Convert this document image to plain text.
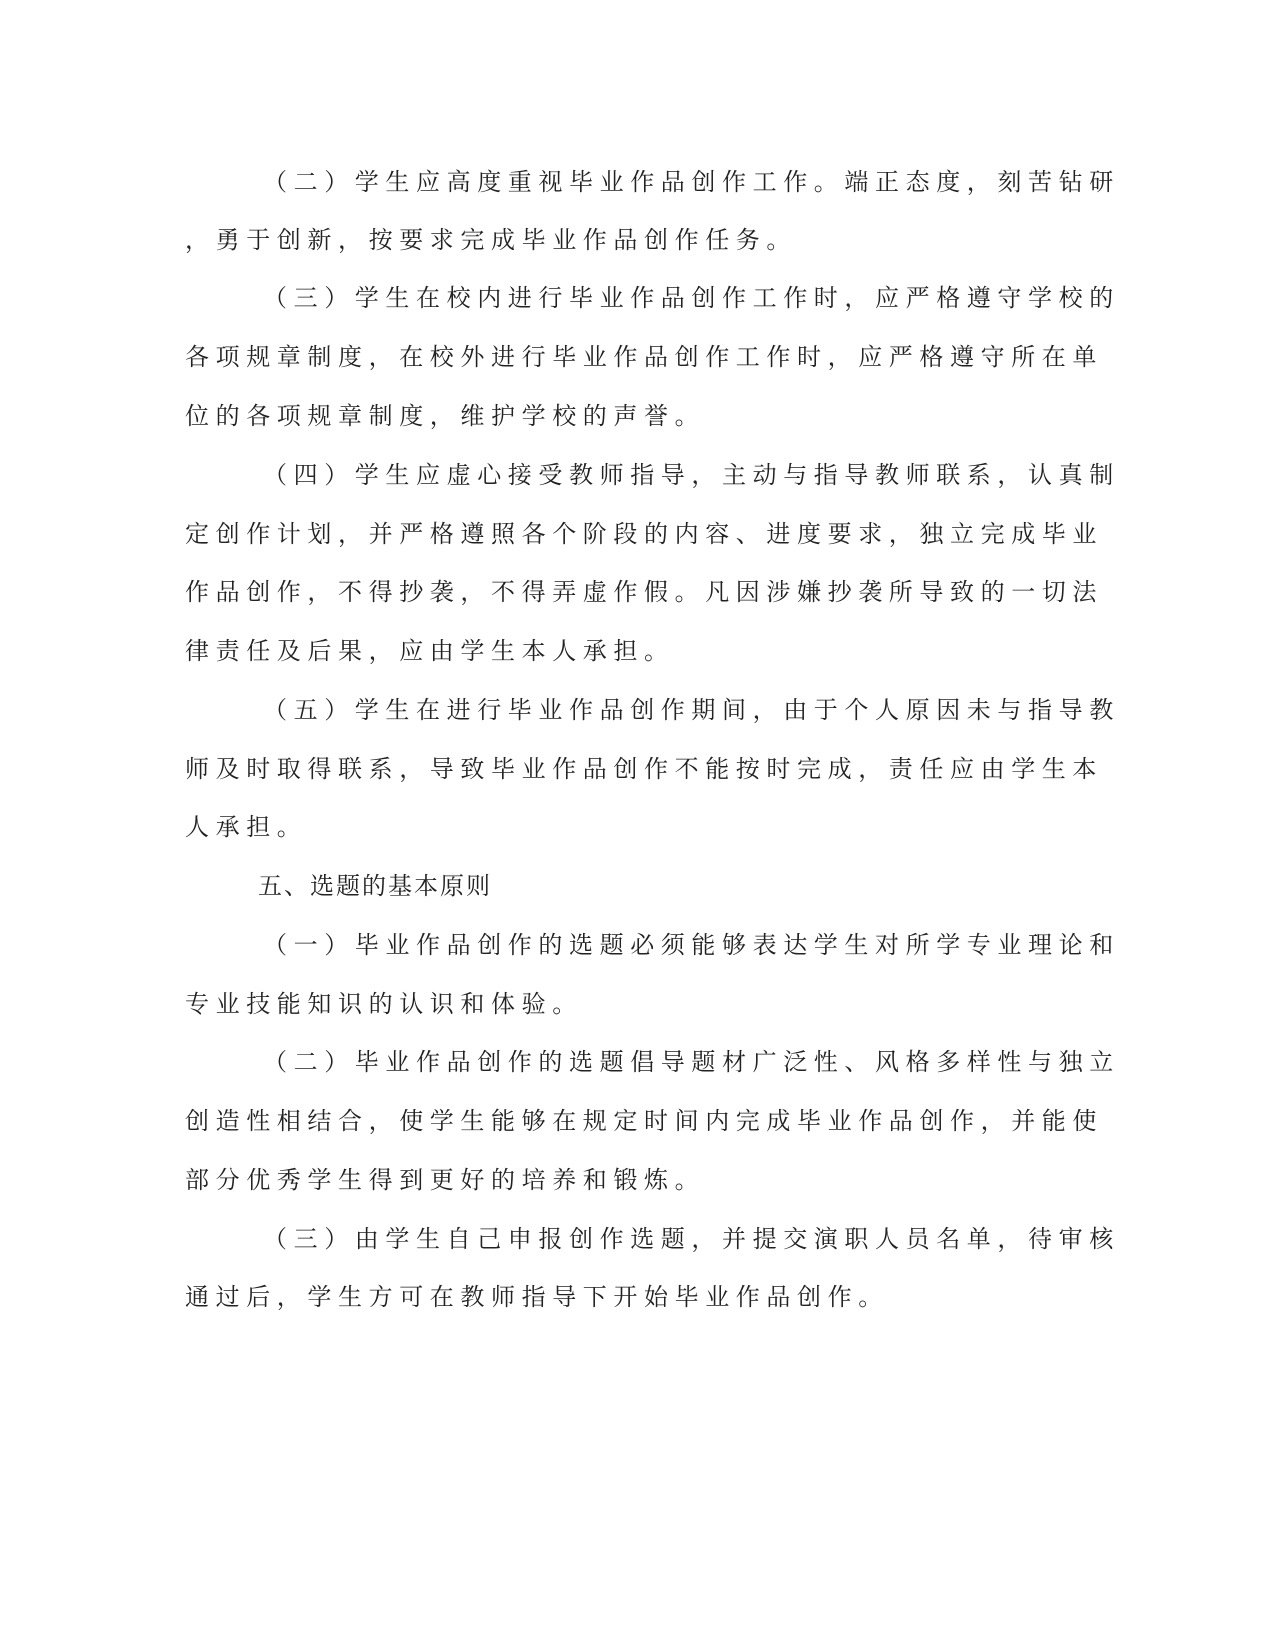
（二）学生应高度重视毕业作品创作工作。端正态度，刻苦钻研
，勇于创新，按要求完成毕业作品创作任务。
（三）学生在校内进行毕业作品创作工作时，应严格遵守学校的
各项规章制度，在校外进行毕业作品创作工作时，应严格遵守所在单
位的各项规章制度，维护学校的声誉。
（四）学生应虚心接受教师指导，主动与指导教师联系，认真制
定创作计划，并严格遵照各个阶段的内容、进度要求，独立完成毕业
作品创作，不得抄袭，不得弄虚作假。凡因涉嫌抄袭所导致的一切法
律责任及后果，应由学生本人承担。
（五）学生在进行毕业作品创作期间，由于个人原因未与指导教
师及时取得联系，导致毕业作品创作不能按时完成，责任应由学生本
人承担。
五、选题的基本原则
（一）毕业作品创作的选题必须能够表达学生对所学专业理论和
专业技能知识的认识和体验。
（二）毕业作品创作的选题倡导题材广泛性、风格多样性与独立
创造性相结合，使学生能够在规定时间内完成毕业作品创作，并能使
部分优秀学生得到更好的培养和锻炼。
（三）由学生自己申报创作选题，并提交演职人员名单，待审核
通过后，学生方可在教师指导下开始毕业作品创作。
